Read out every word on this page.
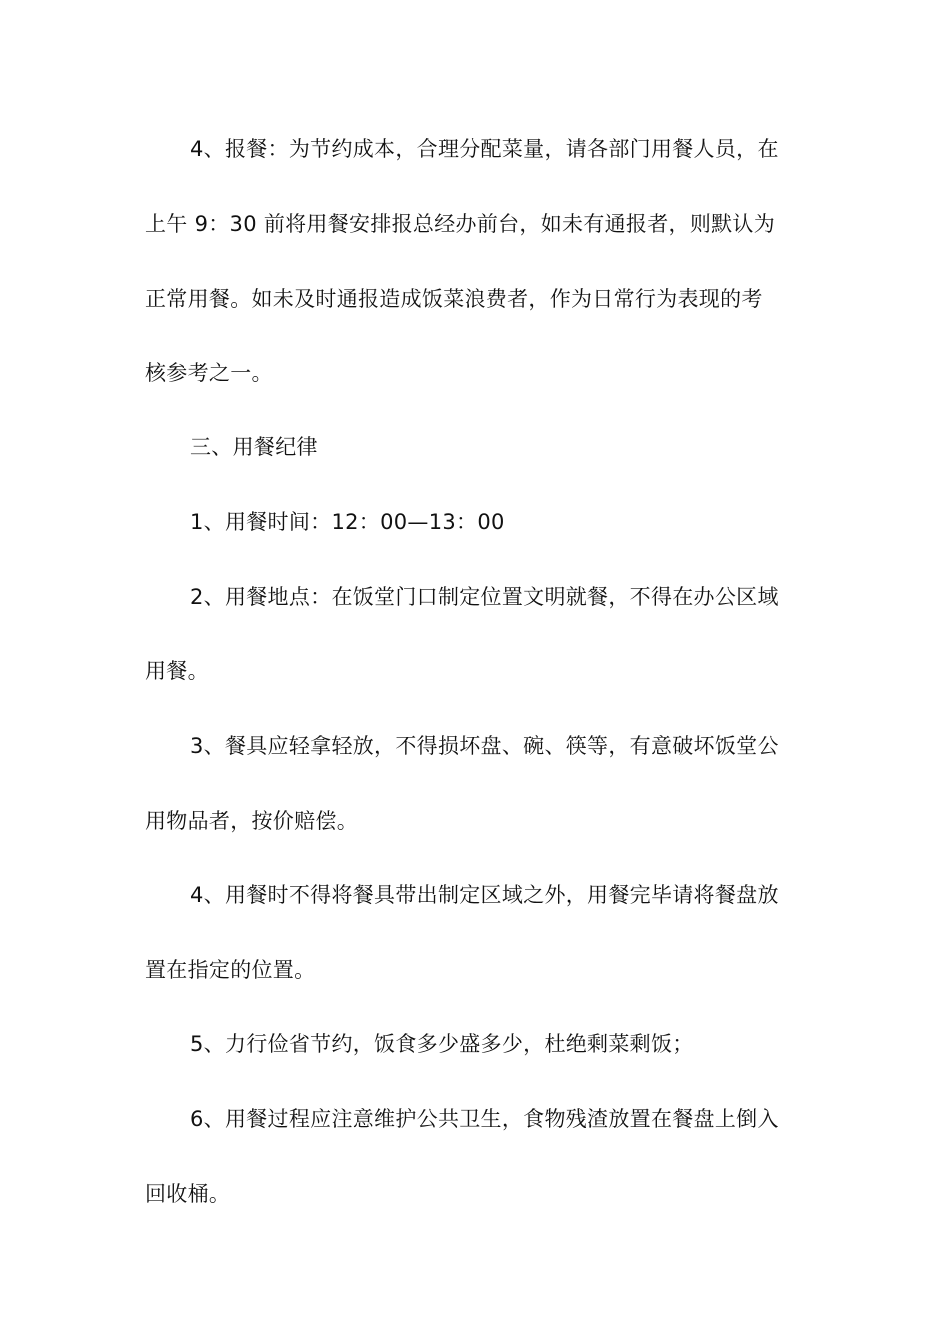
4、报餐：为节约成本，合理分配菜量，请各部门用餐人员，在
上午 9：30 前将用餐安排报总经办前台，如未有通报者，则默认为
正常用餐。如未及时通报造成饭菜浪费者，作为日常行为表现的考
核参考之一。
三、用餐纪律
1、用餐时间：12：00—13：00
2、用餐地点：在饭堂门口制定位置文明就餐，不得在办公区域
用餐。
3、餐具应轻拿轻放，不得损坏盘、碗、筷等，有意破坏饭堂公
用物品者，按价赔偿。
4、用餐时不得将餐具带出制定区域之外，用餐完毕请将餐盘放
置在指定的位置。
5、力行俭省节约，饭食多少盛多少，杜绝剩菜剩饭；
6、用餐过程应注意维护公共卫生，食物残渣放置在餐盘上倒入
回收桶。
